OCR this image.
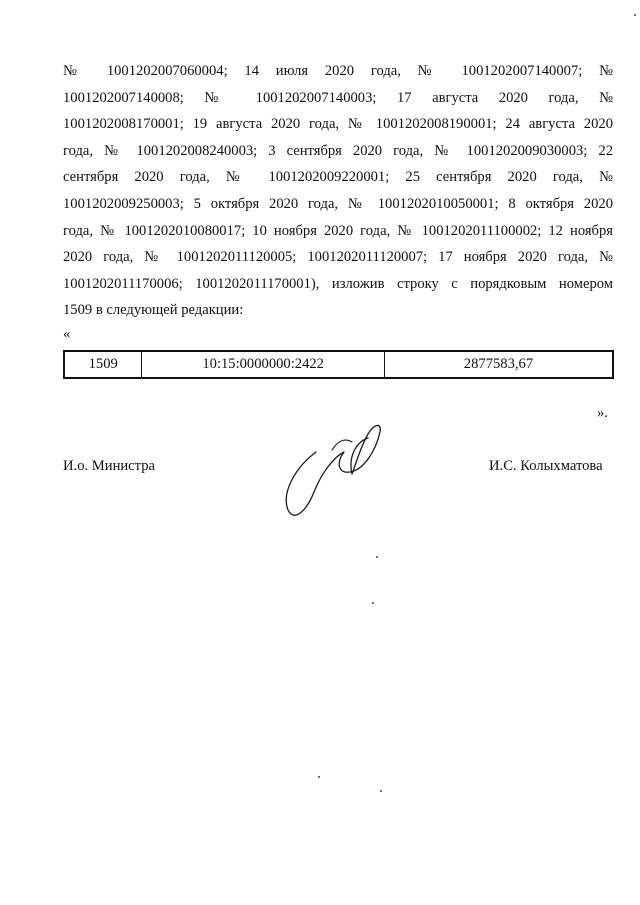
№ 1001202007060004; 14 июля 2020 года, № 1001202007140007; №
1001202007140008; № 1001202007140003; 17 августа 2020 года, №
1001202008170001; 19 августа 2020 года, № 1001202008190001; 24 августа 2020
года, № 1001202008240003; 3 сентября 2020 года, № 1001202009030003; 22
сентября 2020 года, № 1001202009220001; 25 сентября 2020 года, №
1001202009250003; 5 октября 2020 года, № 1001202010050001; 8 октября 2020
года, № 1001202010080017; 10 ноября 2020 года, № 1001202011100002; 12 ноября
2020 года, № 1001202011120005; 1001202011120007; 17 ноября 2020 года, №
1001202011170006; 1001202011170001), изложив строку с порядковым номером
1509 в следующей редакции:
«
1509	10:15:0000000:2422	2877583,67
».
И.о. Министра	И.С. Колыхматова
